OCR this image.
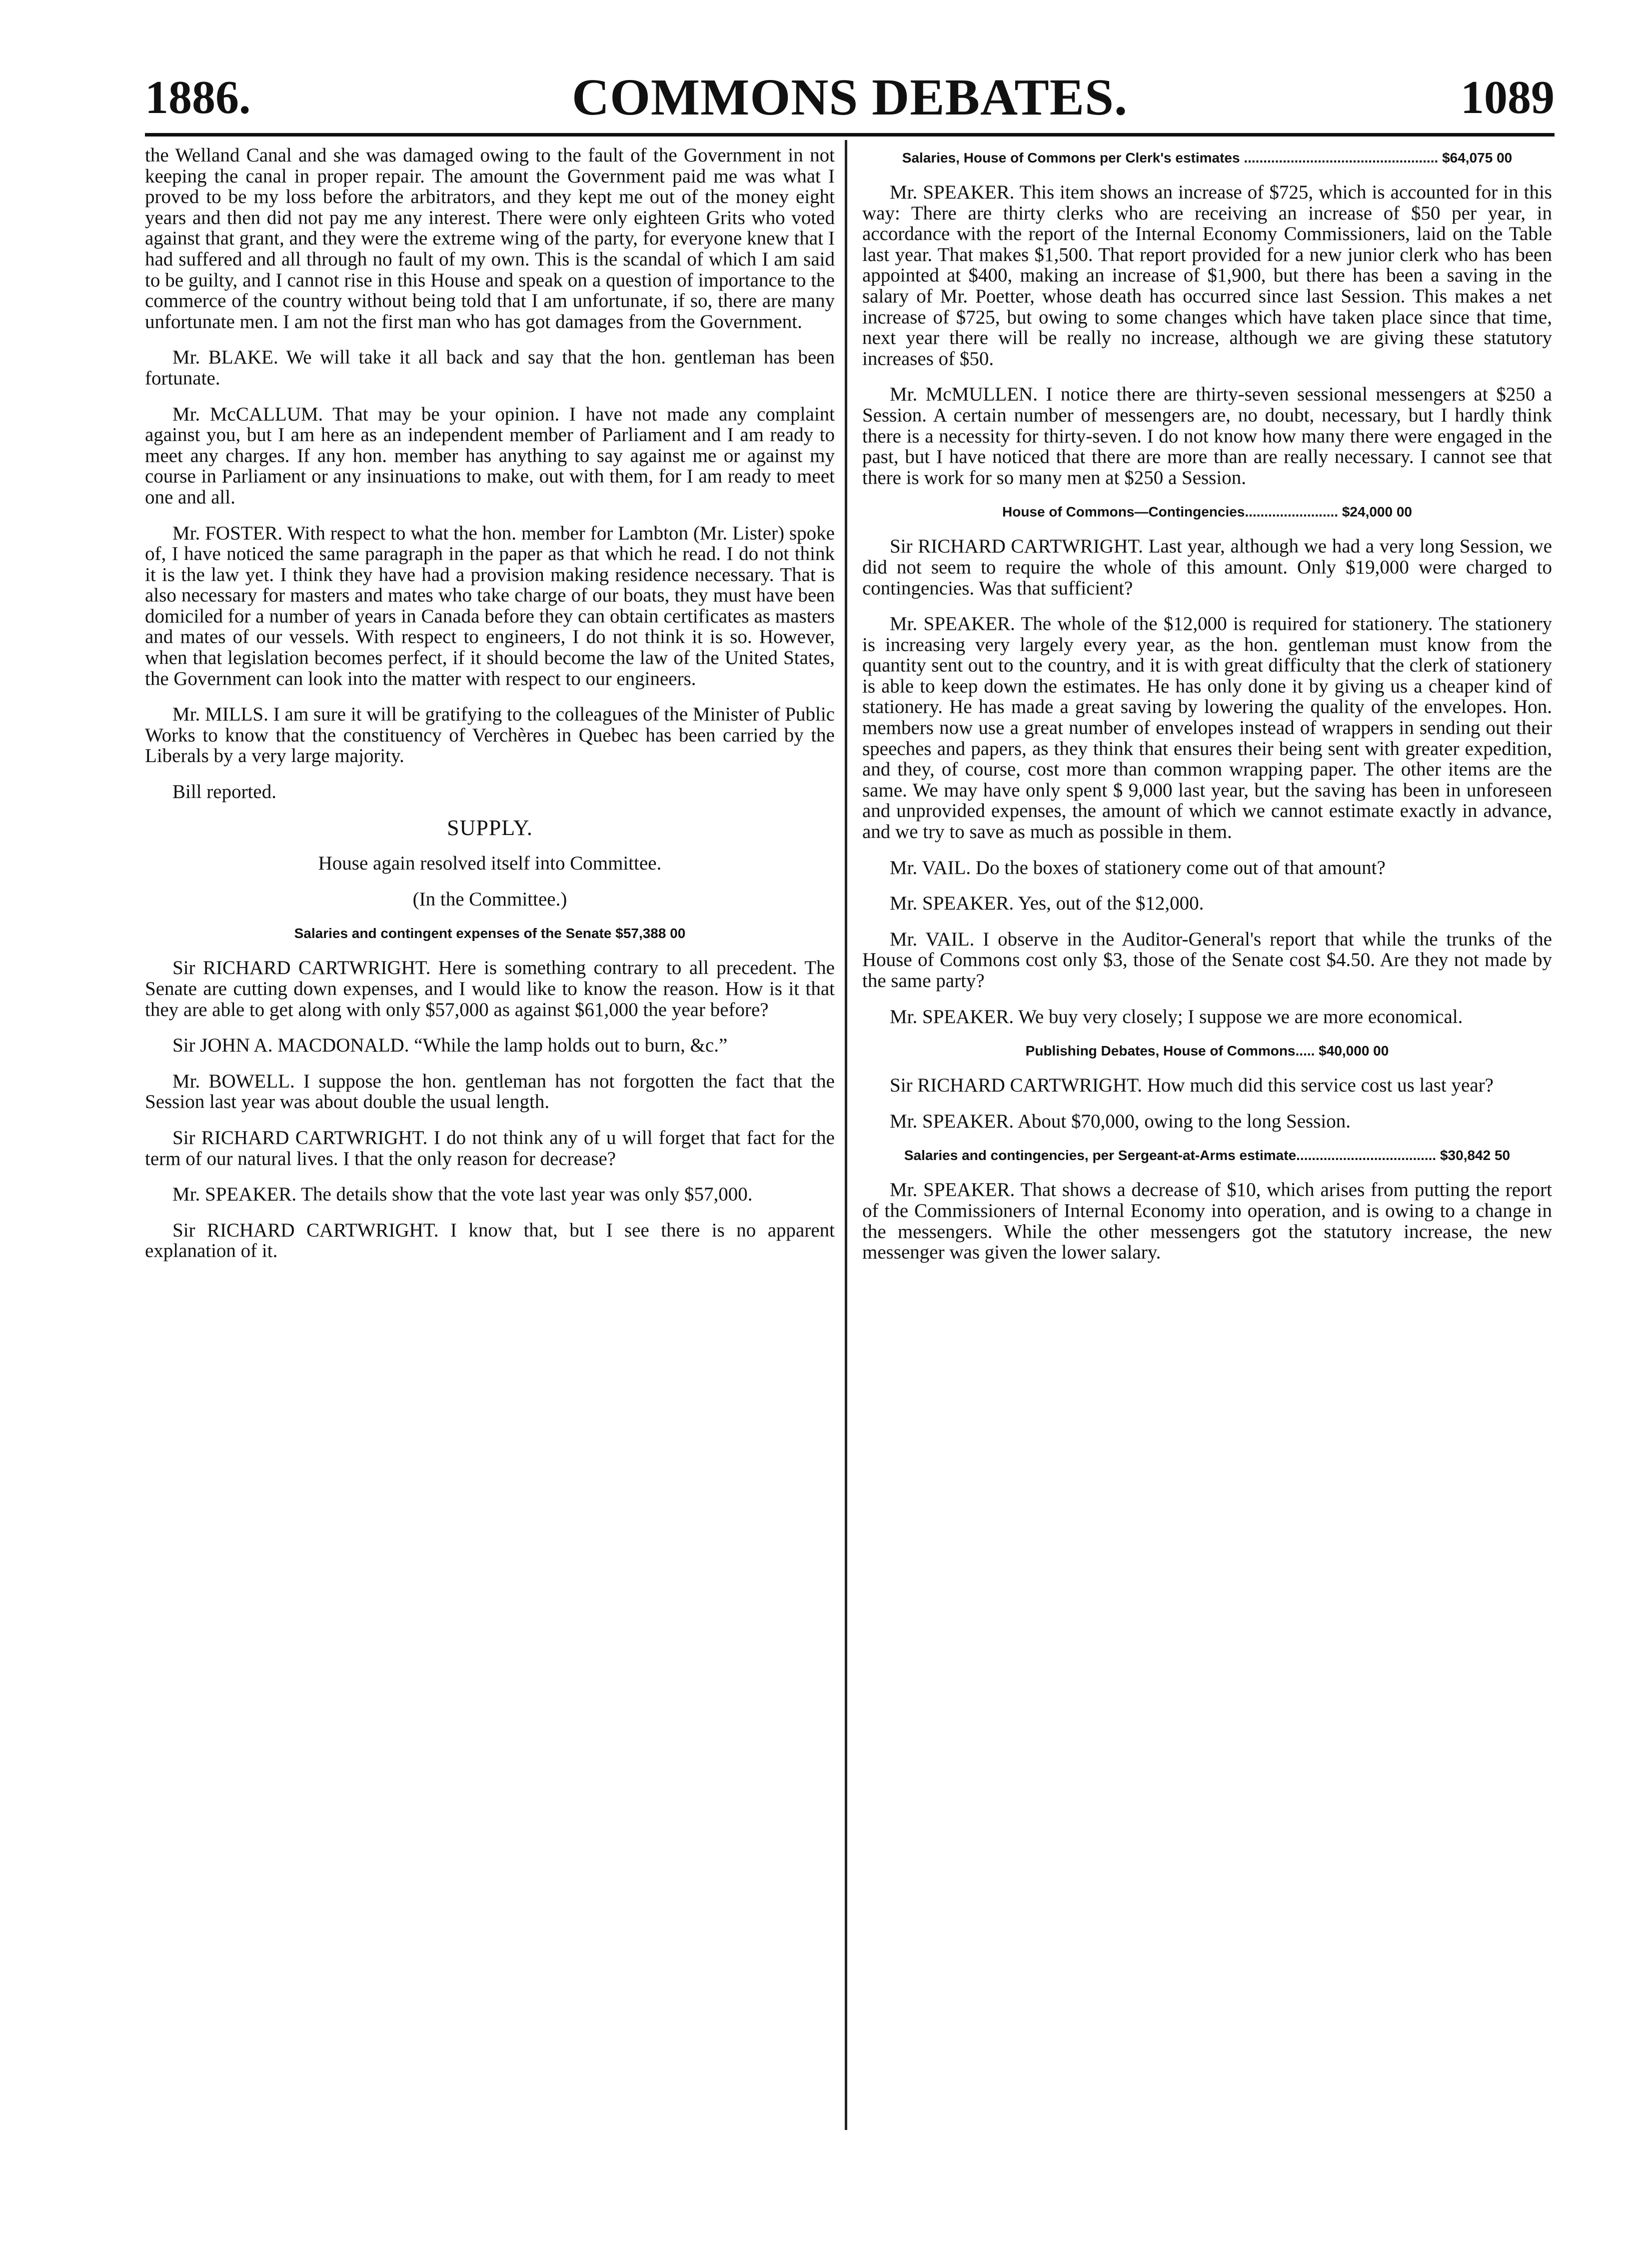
1886.	COMMONS DEBATES.	1089

the Welland Canal and she was damaged owing to the fault of the Government in not keeping the canal in proper repair. The amount the Government paid me was what I proved to be my loss before the arbitrators, and they kept me out of the money eight years and then did not pay me any interest. There were only eighteen Grits who voted against that grant, and they were the extreme wing of the party, for everyone knew that I had suffered and all through no fault of my own. This is the scandal of which I am said to be guilty, and I cannot rise in this House and speak on a question of importance to the commerce of the country without being told that I am unfortunate, if so, there are many unfortunate men. I am not the first man who has got damages from the Government.

Mr. BLAKE. We will take it all back and say that the hon. gentleman has been fortunate.

Mr. McCALLUM. That may be your opinion. I have not made any complaint against you, but I am here as an independent member of Parliament and I am ready to meet any charges. If any hon. member has anything to say against me or against my course in Parliament or any insinuations to make, out with them, for I am ready to meet one and all.

Mr. FOSTER. With respect to what the hon. member for Lambton (Mr. Lister) spoke of, I have noticed the same paragraph in the paper as that which he read. I do not think it is the law yet. I think they have had a provision making residence necessary. That is also necessary for masters and mates who take charge of our boats, they must have been domiciled for a number of years in Canada before they can obtain certificates as masters and mates of our vessels. With respect to engineers, I do not think it is so. However, when that legislation becomes perfect, if it should become the law of the United States, the Government can look into the matter with respect to our engineers.

Mr. MILLS. I am sure it will be gratifying to the colleagues of the Minister of Public Works to know that the constituency of Verchères in Quebec has been carried by the Liberals by a very large majority.

Bill reported.

SUPPLY.

House again resolved itself into Committee.

(In the Committee.)

Salaries and contingent expenses of the Senate $57,388 00

Sir RICHARD CARTWRIGHT. Here is something contrary to all precedent. The Senate are cutting down expenses, and I would like to know the reason. How is it that they are able to get along with only $57,000 as against $61,000 the year before?

Sir JOHN A. MACDONALD. “While the lamp holds out to burn, &c.”

Mr. BOWELL. I suppose the hon. gentleman has not forgotten the fact that the Session last year was about double the usual length.

Sir RICHARD CARTWRIGHT. I do not think any of u will forget that fact for the term of our natural lives. I that the only reason for decrease?

Mr. SPEAKER. The details show that the vote last year was only $57,000.

Sir RICHARD CARTWRIGHT. I know that, but I see there is no apparent explanation of it.

Salaries, House of Commons per Clerk's estimates .................................................. $64,075 00

Mr. SPEAKER. This item shows an increase of $725, which is accounted for in this way: There are thirty clerks who are receiving an increase of $50 per year, in accordance with the report of the Internal Economy Commissioners, laid on the Table last year. That makes $1,500. That report provided for a new junior clerk who has been appointed at $400, making an increase of $1,900, but there has been a saving in the salary of Mr. Poetter, whose death has occurred since last Session. This makes a net increase of $725, but owing to some changes which have taken place since that time, next year there will be really no increase, although we are giving these statutory increases of $50.

Mr. McMULLEN. I notice there are thirty-seven sessional messengers at $250 a Session. A certain number of messengers are, no doubt, necessary, but I hardly think there is a necessity for thirty-seven. I do not know how many there were engaged in the past, but I have noticed that there are more than are really necessary. I cannot see that there is work for so many men at $250 a Session.

House of Commons—Contingencies........................ $24,000 00

Sir RICHARD CARTWRIGHT. Last year, although we had a very long Session, we did not seem to require the whole of this amount. Only $19,000 were charged to contingencies. Was that sufficient?

Mr. SPEAKER. The whole of the $12,000 is required for stationery. The stationery is increasing very largely every year, as the hon. gentleman must know from the quantity sent out to the country, and it is with great difficulty that the clerk of stationery is able to keep down the estimates. He has only done it by giving us a cheaper kind of stationery. He has made a great saving by lowering the quality of the envelopes. Hon. members now use a great number of envelopes instead of wrappers in sending out their speeches and papers, as they think that ensures their being sent with greater expedition, and they, of course, cost more than common wrapping paper. The other items are the same. We may have only spent $ 9,000 last year, but the saving has been in unforeseen and unprovided expenses, the amount of which we cannot estimate exactly in advance, and we try to save as much as possible in them.

Mr. VAIL. Do the boxes of stationery come out of that amount?

Mr. SPEAKER. Yes, out of the $12,000.

Mr. VAIL. I observe in the Auditor-General's report that while the trunks of the House of Commons cost only $3, those of the Senate cost $4.50. Are they not made by the same party?

Mr. SPEAKER. We buy very closely; I suppose we are more economical.

Publishing Debates, House of Commons..... $40,000 00

Sir RICHARD CARTWRIGHT. How much did this service cost us last year?

Mr. SPEAKER. About $70,000, owing to the long Session.

Salaries and contingencies, per Sergeant-at-Arms estimate.................................... $30,842 50

Mr. SPEAKER. That shows a decrease of $10, which arises from putting the report of the Commissioners of Internal Economy into operation, and is owing to a change in the messengers. While the other messengers got the statutory increase, the new messenger was given the lower salary.
